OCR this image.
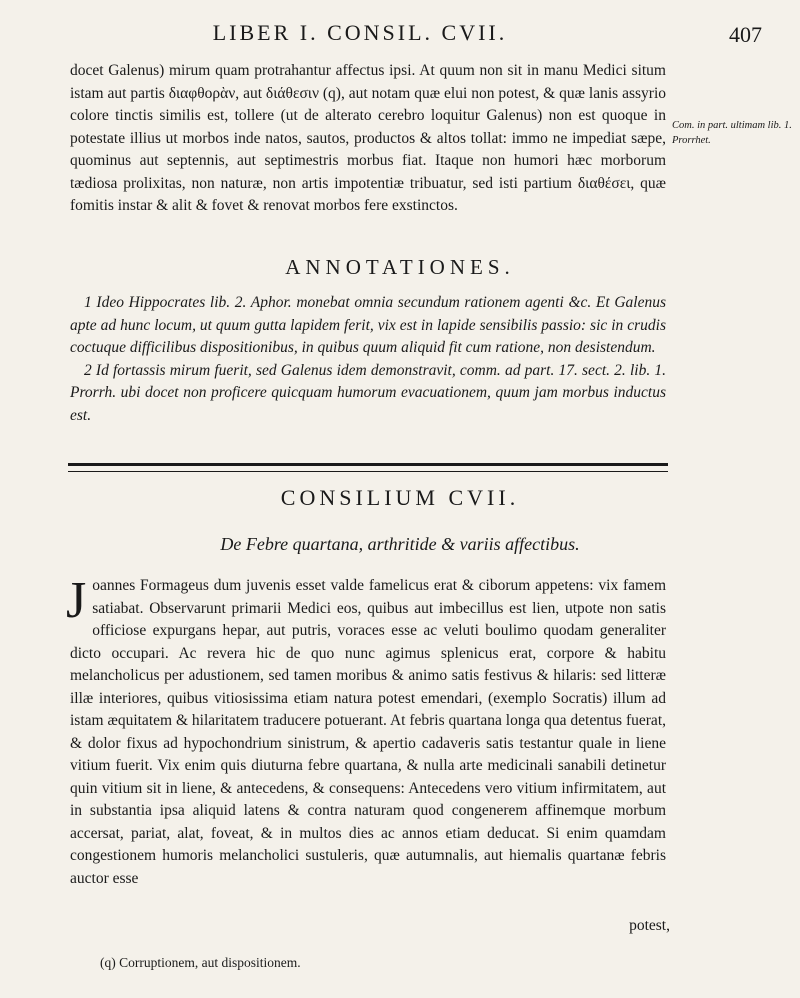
LIBER I. CONSIL. CVII.	407

docet Galenus) mirum quam protrahantur affectus ipsi. At quum non sit in manu Medici situm istam aut partis διαφθορὰν, aut διάθεσιν (q), aut notam quæ elui non potest, & quæ lanis assyrio colore tinctis similis est, tollere (ut de alterato cerebro loquitur Galenus) non est quoque in potestate illius ut morbos inde natos, sautos, productos & altos tollat: immo ne impediat sæpe, quominus aut septennis, aut septimestris morbus fiat. Itaque non humori hæc morborum tædiosa prolixitas, non naturæ, non artis impotentiæ tribuatur, sed isti partium διαθέσει, quæ fomitis instar & alit & fovet & renovat morbos fere exstinctos.

Com. in part. ultimam lib. 1. Prorrhet.
ANNOTATIONES.

1 Ideo Hippocrates lib. 2. Aphor. monebat omnia secundum rationem agenti &c. Et Galenus apte ad hunc locum, ut quum gutta lapidem ferit, vix est in lapide sensibilis passio: sic in crudis coctuque difficilibus dispositionibus, in quibus quum aliquid fit cum ratione, non desistendum.

2 Id fortassis mirum fuerit, sed Galenus idem demonstravit, comm. ad part. 17. sect. 2. lib. 1. Prorrh. ubi docet non proficere quicquam humorum evacuationem, quum jam morbus inductus est.

CONSILIUM CVII.
De Febre quartana, arthritide & variis affectibus.

Joannes Formageus dum juvenis esset valde famelicus erat & ciborum appetens: vix famem satiabat. Observarunt primarii Medici eos, quibus aut imbecillus est lien, utpote non satis officiose expurgans hepar, aut putris, voraces esse ac veluti boulimo quodam generaliter dicto occupari. Ac revera hic de quo nunc agimus splenicus erat, corpore & habitu melancholicus per adustionem, sed tamen moribus & animo satis festivus & hilaris: sed litteræ illæ interiores, quibus vitiosissima etiam natura potest emendari, (exemplo Socratis) illum ad istam æquitatem & hilaritatem traducere potuerant. At febris quartana longa qua detentus fuerat, & dolor fixus ad hypochondrium sinistrum, & apertio cadaveris satis testantur quale in liene vitium fuerit. Vix enim quis diuturna febre quartana, & nulla arte medicinali sanabili detinetur quin vitium sit in liene, & antecedens, & consequens: Antecedens vero vitium infirmitatem, aut in substantia ipsa aliquid latens & contra naturam quod congenerem affinemque morbum accersat, pariat, alat, foveat, & in multos dies ac annos etiam deducat. Si enim quamdam congestionem humoris melancholici sustuleris, quæ autumnalis, aut hiemalis quartanæ febris auctor esse

potest,
(q) Corruptionem, aut dispositionem.
